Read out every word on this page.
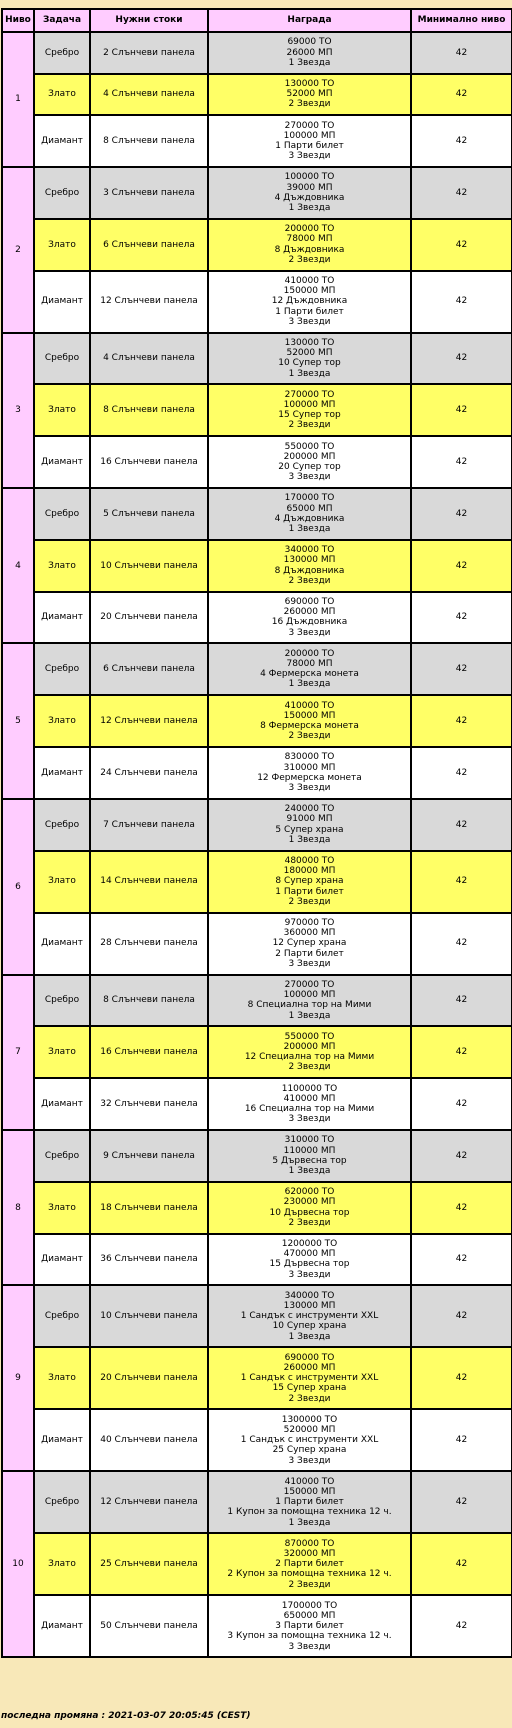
Ниво	Задача	Нужни стоки	Награда	Минимално ниво
1	Сребро	2 Слънчеви панела	69000 ТО
26000 МП
1 Звезда	42
	Злато	4 Слънчеви панела	130000 ТО
52000 МП
2 Звезди	42
	Диамант	8 Слънчеви панела	270000 ТО
100000 МП
1 Парти билет
3 Звезди	42
2	Сребро	3 Слънчеви панела	100000 ТО
39000 МП
4 Дъждовника
1 Звезда	42
	Злато	6 Слънчеви панела	200000 ТО
78000 МП
8 Дъждовника
2 Звезди	42
	Диамант	12 Слънчеви панела	410000 ТО
150000 МП
12 Дъждовника
1 Парти билет
3 Звезди	42
3	Сребро	4 Слънчеви панела	130000 ТО
52000 МП
10 Супер тор
1 Звезда	42
	Злато	8 Слънчеви панела	270000 ТО
100000 МП
15 Супер тор
2 Звезди	42
	Диамант	16 Слънчеви панела	550000 ТО
200000 МП
20 Супер тор
3 Звезди	42
4	Сребро	5 Слънчеви панела	170000 ТО
65000 МП
4 Дъждовника
1 Звезда	42
	Злато	10 Слънчеви панела	340000 ТО
130000 МП
8 Дъждовника
2 Звезди	42
	Диамант	20 Слънчеви панела	690000 ТО
260000 МП
16 Дъждовника
3 Звезди	42
5	Сребро	6 Слънчеви панела	200000 ТО
78000 МП
4 Фермерска монета
1 Звезда	42
	Злато	12 Слънчеви панела	410000 ТО
150000 МП
8 Фермерска монета
2 Звезди	42
	Диамант	24 Слънчеви панела	830000 ТО
310000 МП
12 Фермерска монета
3 Звезди	42
6	Сребро	7 Слънчеви панела	240000 ТО
91000 МП
5 Супер храна
1 Звезда	42
	Злато	14 Слънчеви панела	480000 ТО
180000 МП
8 Супер храна
1 Парти билет
2 Звезди	42
	Диамант	28 Слънчеви панела	970000 ТО
360000 МП
12 Супер храна
2 Парти билет
3 Звезди	42
7	Сребро	8 Слънчеви панела	270000 ТО
100000 МП
8 Специална тор на Мими
1 Звезда	42
	Злато	16 Слънчеви панела	550000 ТО
200000 МП
12 Специална тор на Мими
2 Звезди	42
	Диамант	32 Слънчеви панела	1100000 ТО
410000 МП
16 Специална тор на Мими
3 Звезди	42
8	Сребро	9 Слънчеви панела	310000 ТО
110000 МП
5 Дървесна тор
1 Звезда	42
	Злато	18 Слънчеви панела	620000 ТО
230000 МП
10 Дървесна тор
2 Звезди	42
	Диамант	36 Слънчеви панела	1200000 ТО
470000 МП
15 Дървесна тор
3 Звезди	42
9	Сребро	10 Слънчеви панела	340000 ТО
130000 МП
1 Сандък с инструменти XXL
10 Супер храна
1 Звезда	42
	Злато	20 Слънчеви панела	690000 ТО
260000 МП
1 Сандък с инструменти XXL
15 Супер храна
2 Звезди	42
	Диамант	40 Слънчеви панела	1300000 ТО
520000 МП
1 Сандък с инструменти XXL
25 Супер храна
3 Звезди	42
10	Сребро	12 Слънчеви панела	410000 ТО
150000 МП
1 Парти билет
1 Купон за помощна техника 12 ч.
1 Звезда	42
	Злато	25 Слънчеви панела	870000 ТО
320000 МП
2 Парти билет
2 Купон за помощна техника 12 ч.
2 Звезди	42
	Диамант	50 Слънчеви панела	1700000 ТО
650000 МП
3 Парти билет
3 Купон за помощна техника 12 ч.
3 Звезди	42
последна промяна : 2021-03-07 20:05:45 (CEST)
